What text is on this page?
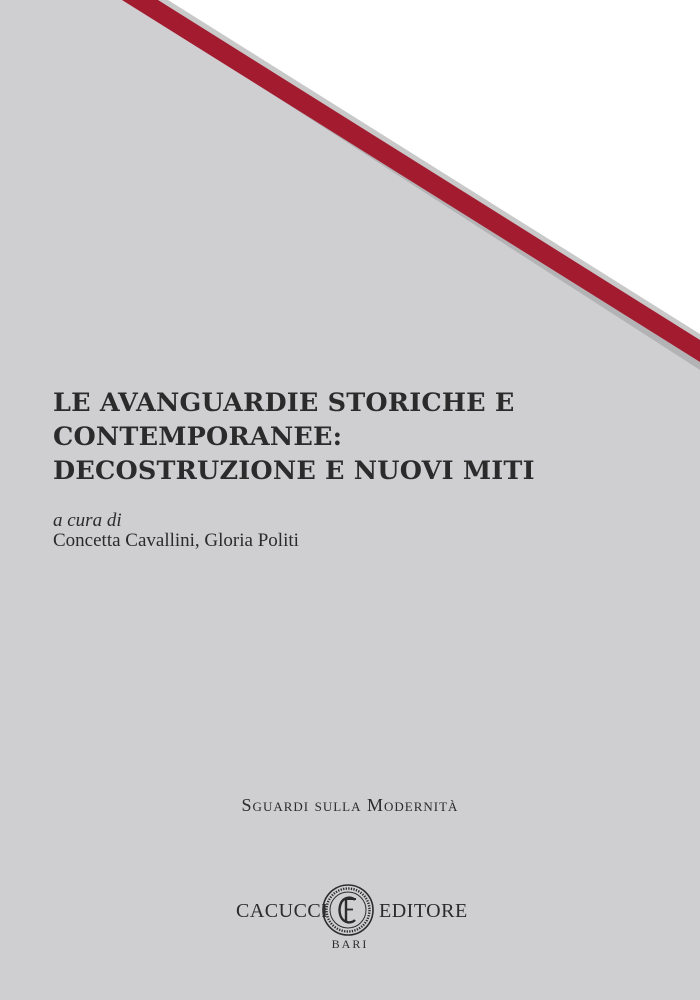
LE AVANGUARDIE STORICHE E
CONTEMPORANEE:
DECOSTRUZIONE E NUOVI MITI
a cura di
Concetta Cavallini, Gloria Politi
Sguardi sulla Modernità
CACUCCI	EDITORE
BARI
